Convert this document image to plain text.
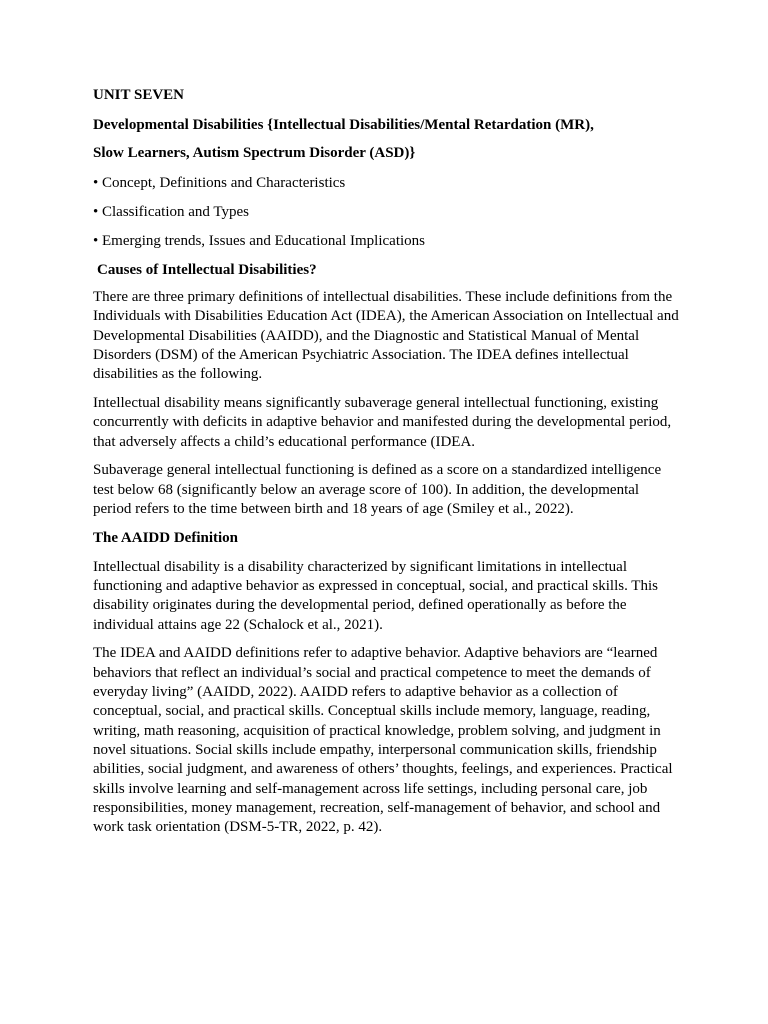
UNIT SEVEN

Developmental Disabilities {Intellectual Disabilities/Mental Retardation (MR),

Slow Learners, Autism Spectrum Disorder (ASD)}

• Concept, Definitions and Characteristics

• Classification and Types

• Emerging trends, Issues and Educational Implications

Causes of Intellectual Disabilities?

There are three primary definitions of intellectual disabilities. These include definitions from the Individuals with Disabilities Education Act (IDEA), the American Association on Intellectual and Developmental Disabilities (AAIDD), and the Diagnostic and Statistical Manual of Mental Disorders (DSM) of the American Psychiatric Association. The IDEA defines intellectual disabilities as the following.

Intellectual disability means significantly subaverage general intellectual functioning, existing concurrently with deficits in adaptive behavior and manifested during the developmental period, that adversely affects a child’s educational performance (IDEA.

Subaverage general intellectual functioning is defined as a score on a standardized intelligence test below 68 (significantly below an average score of 100). In addition, the developmental period refers to the time between birth and 18 years of age (Smiley et al., 2022).

The AAIDD Definition

Intellectual disability is a disability characterized by significant limitations in intellectual functioning and adaptive behavior as expressed in conceptual, social, and practical skills. This disability originates during the developmental period, defined operationally as before the individual attains age 22 (Schalock et al., 2021).

The IDEA and AAIDD definitions refer to adaptive behavior. Adaptive behaviors are “learned behaviors that reflect an individual’s social and practical competence to meet the demands of everyday living” (AAIDD, 2022). AAIDD refers to adaptive behavior as a collection of conceptual, social, and practical skills. Conceptual skills include memory, language, reading, writing, math reasoning, acquisition of practical knowledge, problem solving, and judgment in novel situations. Social skills include empathy, interpersonal communication skills, friendship abilities, social judgment, and awareness of others’ thoughts, feelings, and experiences. Practical skills involve learning and self-management across life settings, including personal care, job responsibilities, money management, recreation, self-management of behavior, and school and work task orientation (DSM-5-TR, 2022, p. 42).
